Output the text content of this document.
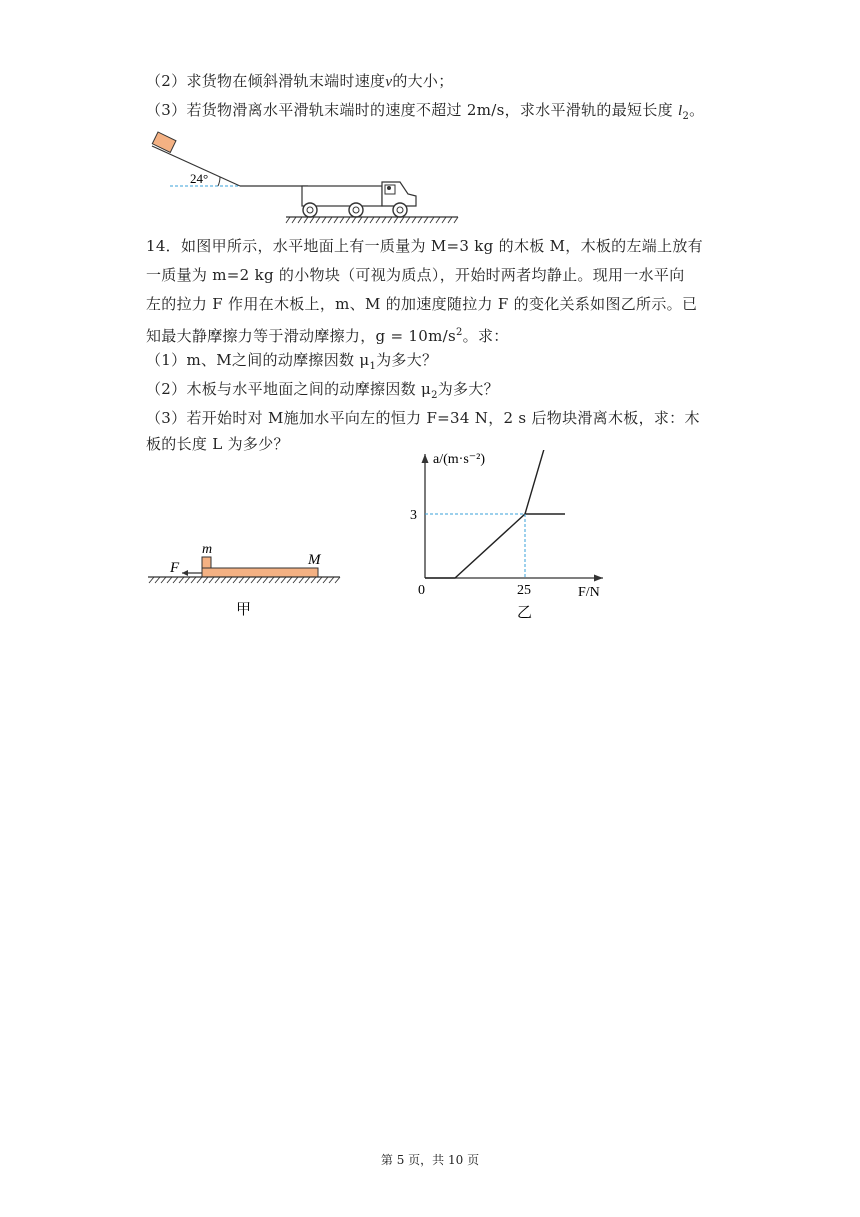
（2）求货物在倾斜滑轨末端时速度v的大小；
（3）若货物滑离水平滑轨末端时的速度不超过 2m/s，求水平滑轨的最短长度 $l_2$。
24°
14．如图甲所示，水平地面上有一质量为 M=3 kg 的木板 M，木板的左端上放有
一质量为 m=2 kg 的小物块（可视为质点），开始时两者均静止。现用一水平向
左的拉力 F 作用在木板上，m、M 的加速度随拉力 F 的变化关系如图乙所示。已
知最大静摩擦力等于滑动摩擦力，$g = 10m/s^2$。求：
（1）m、M之间的动摩擦因数 $\mu_1$为多大？
（2）木板与水平地面之间的动摩擦因数 $\mu_2$为多大？
（3）若开始时对 M施加水平向左的恒力 F=34 N，2 s 后物块滑离木板，求：木
板的长度 L 为多少？
m
M
F
甲
a/(m·s⁻²)
F/N
0
3
25
乙
第 5 页，共 10 页
